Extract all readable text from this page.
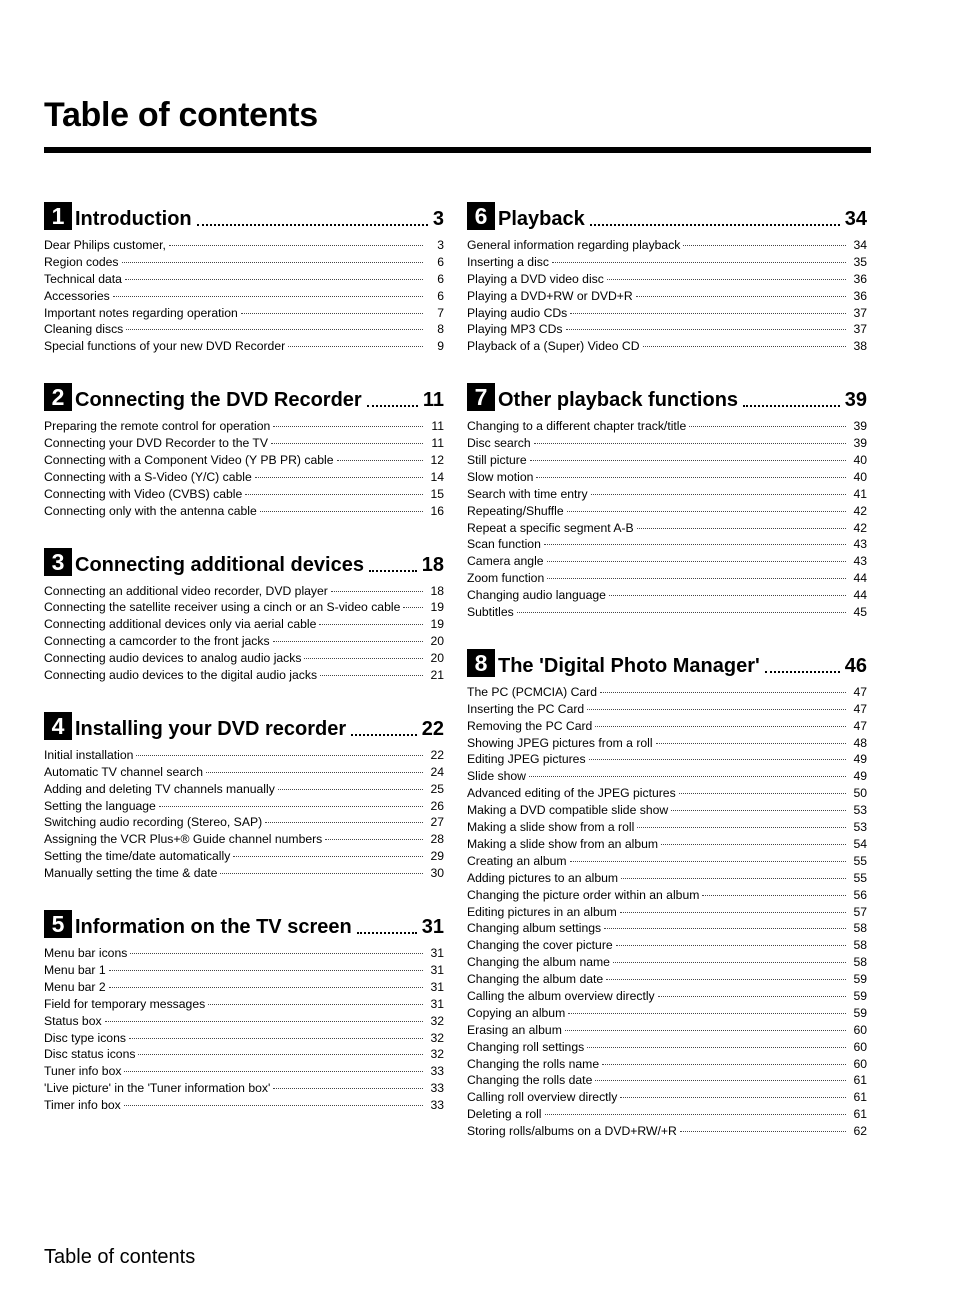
Table of contents
1 Introduction	3
Dear Philips customer,	3
Region codes	6
Technical data	6
Accessories	6
Important notes regarding operation	7
Cleaning discs	8
Special functions of your new DVD Recorder	9
2 Connecting the DVD Recorder	11
Preparing the remote control for operation	11
Connecting your DVD Recorder to the TV	11
Connecting with a Component Video (Y PB PR) cable	12
Connecting with a S-Video (Y/C) cable	14
Connecting with Video (CVBS) cable	15
Connecting only with the antenna cable	16
3 Connecting additional devices	18
Connecting an additional video recorder, DVD player	18
Connecting the satellite receiver using a cinch or an S-video cable	19
Connecting additional devices only via aerial cable	19
Connecting a camcorder to the front jacks	20
Connecting audio devices to analog audio jacks	20
Connecting audio devices to the digital audio jacks	21
4 Installing your DVD recorder	22
Initial installation	22
Automatic TV channel search	24
Adding and deleting TV channels manually	25
Setting the language	26
Switching audio recording (Stereo, SAP)	27
Assigning the VCR Plus+® Guide channel numbers	28
Setting the time/date automatically	29
Manually setting the time & date	30
5 Information on the TV screen	31
Menu bar icons	31
Menu bar 1	31
Menu bar 2	31
Field for temporary messages	31
Status box	32
Disc type icons	32
Disc status icons	32
Tuner info box	33
'Live picture' in the 'Tuner information box'	33
Timer info box	33
6 Playback	34
General information regarding playback	34
Inserting a disc	35
Playing a DVD video disc	36
Playing a DVD+RW or DVD+R	36
Playing audio CDs	37
Playing MP3 CDs	37
Playback of a (Super) Video CD	38
7 Other playback functions	39
Changing to a different chapter track/title	39
Disc search	39
Still picture	40
Slow motion	40
Search with time entry	41
Repeating/Shuffle	42
Repeat a specific segment A-B	42
Scan function	43
Camera angle	43
Zoom function	44
Changing audio language	44
Subtitles	45
8 The 'Digital Photo Manager'	46
The PC (PCMCIA) Card	47
Inserting the PC Card	47
Removing the PC Card	47
Showing JPEG pictures from a roll	48
Editing JPEG pictures	49
Slide show	49
Advanced editing of the JPEG pictures	50
Making a DVD compatible slide show	53
Making a slide show from a roll	53
Making a slide show from an album	54
Creating an album	55
Adding pictures to an album	55
Changing the picture order within an album	56
Editing pictures in an album	57
Changing album settings	58
Changing the cover picture	58
Changing the album name	58
Changing the album date	59
Calling the album overview directly	59
Copying an album	59
Erasing an album	60
Changing roll settings	60
Changing the rolls name	60
Changing the rolls date	61
Calling roll overview directly	61
Deleting a roll	61
Storing rolls/albums on a DVD+RW/+R	62
Table of contents
